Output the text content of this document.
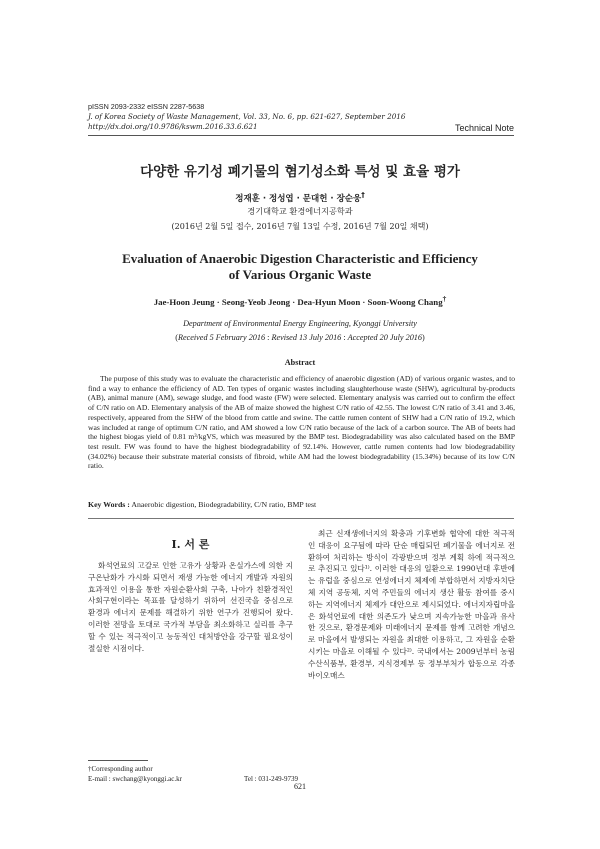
pISSN 2093-2332 eISSN 2287-5638
J. of Korea Society of Waste Management, Vol. 33, No. 6, pp. 621-627, September 2016
http://dx.doi.org/10.9786/kswm.2016.33.6.621	Technical Note
다양한 유기성 폐기물의 혐기성소화 특성 및 효율 평가
정재훈 · 정성엽 · 문대헌 · 장순웅†
경기대학교 환경에너지공학과
(2016년 2월 5일 접수, 2016년 7월 13일 수정, 2016년 7월 20일 채택)
Evaluation of Anaerobic Digestion Characteristic and Efficiency
of Various Organic Waste
Jae-Hoon Jeung · Seong-Yeob Jeong · Dea-Hyun Moon · Soon-Woong Chang†
Department of Environmental Energy Engineering, Kyonggi University
(Received 5 February 2016 : Revised 13 July 2016 : Accepted 20 July 2016)
Abstract

The purpose of this study was to evaluate the characteristic and efficiency of anaerobic digestion (AD) of various organic wastes, and to find a way to enhance the efficiency of AD. Ten types of organic wastes including slaughterhouse waste (SHW), agricultural by-products (AB), animal manure (AM), sewage sludge, and food waste (FW) were selected. Elementary analysis was carried out to confirm the effect of C/N ratio on AD. Elementary analysis of the AB of maize showed the highest C/N ratio of 42.55. The lowest C/N ratio of 3.41 and 3.46, respectively, appeared from the SHW of the blood from cattle and swine. The cattle rumen content of SHW had a C/N ratio of 19.2, which was included at range of optimum C/N ratio, and AM showed a low C/N ratio because of the lack of a carbon source. The AB of beets had the highest biogas yield of 0.81 m³/kgVS, which was measured by the BMP test. Biodegradability was also calculated based on the BMP test result. FW was found to have the highest biodegradability of 92.14%. However, cattle rumen contents had low biodegradability (34.02%) because their substrate material consists of fibroid, while AM had the lowest biodegradability (15.34%) because of its low C/N ratio.

Key Words : Anaerobic digestion, Biodegradability, C/N ratio, BMP test
I. 서 론

화석연료의 고갈로 인한 고유가 상황과 온실가스에 의한 지구온난화가 가시화 되면서 재생 가능한 에너지 개발과 자원의 효과적인 이용을 통한 자원순환사회 구축, 나아가 친환경적인 사회구현이라는 목표를 달성하기 위하여 선진국을 중심으로 환경과 에너지 문제를 해결하기 위한 연구가 진행되어 왔다. 이러한 전망을 토대로 국가적 부담을 최소화하고 실리를 추구할 수 있는 적극적이고 능동적인 대처방안을 강구할 필요성이 절실한 시점이다.

최근 신재생에너지의 확충과 기후변화 협약에 대한 적극적인 대응이 요구됨에 따라 단순 매립되던 폐기물을 에너지로 전환하여 처리하는 방식이 각광받으며 정부 계획 하에 적극적으로 추진되고 있다¹⁾. 이러한 대응의 일환으로 1990년대 후반에는 유럽을 중심으로 연성에너지 체제에 부합하면서 지방자치단체 지역 공동체, 지역 주민들의 에너지 생산 활동 참여를 중시하는 지역에너지 체제가 대안으로 제시되었다. 에너지자립마을은 화석연료에 대한 의존도가 낮으며 지속가능한 마을과 유사한 것으로, 환경문제와 미래에너지 문제를 함께 고려한 개념으로 마을에서 발생되는 자원을 최대한 이용하고, 그 자원을 순환시키는 마을로 이해될 수 있다²⁾. 국내에서는 2009년부터 농림수산식품부, 환경부, 지식경제부 등 정부부처가 합동으로 각종 바이오매스

†Corresponding author
E-mail : swchang@kyonggi.ac.kr	Tel : 031-249-9739
621
